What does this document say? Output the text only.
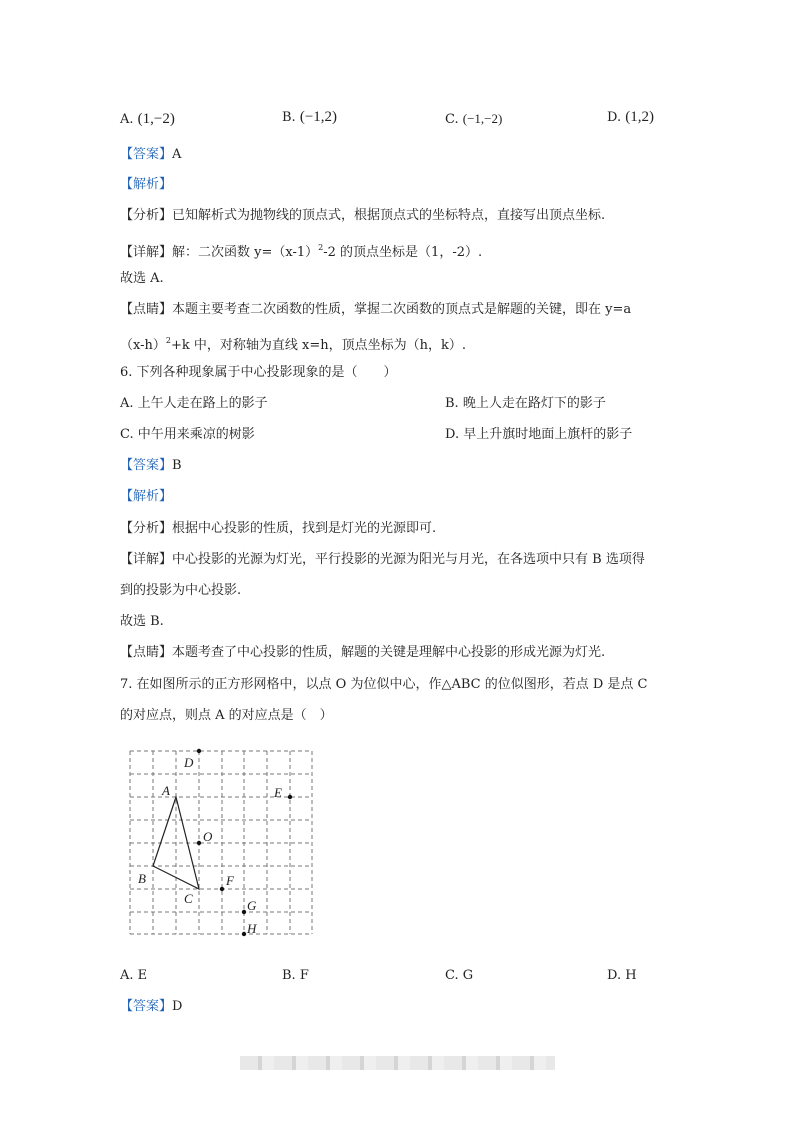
A. (1,−2)	B. (−1,2)	C. (−1,−2)	D. (1,2)
【答案】A
【解析】
【分析】已知解析式为抛物线的顶点式，根据顶点式的坐标特点，直接写出顶点坐标.
【详解】解：二次函数 $y=(x-1)^2-2$ 的顶点坐标是（1，-2）.
故选 A.
【点睛】本题主要考查二次函数的性质，掌握二次函数的顶点式是解题的关键，即在 y=a
$(x-h)^2+k$ 中，对称轴为直线 x=h，顶点坐标为（h，k）.
6. 下列各种现象属于中心投影现象的是（　　）
A. 上午人走在路上的影子	B. 晚上人走在路灯下的影子
C. 中午用来乘凉的树影	D. 早上升旗时地面上旗杆的影子
【答案】B
【解析】
【分析】根据中心投影的性质，找到是灯光的光源即可.
【详解】中心投影的光源为灯光，平行投影的光源为阳光与月光，在各选项中只有 B 选项得
到的投影为中心投影.
故选 B.
【点睛】本题考查了中心投影的性质，解题的关键是理解中心投影的形成光源为灯光.
7. 在如图所示的正方形网格中，以点 O 为位似中心，作△ABC 的位似图形，若点 D 是点 C
的对应点，则点 A 的对应点是（　）
D
A	E
O
B
C
F
G
H
A. E	B. F	C. G	D. H
【答案】D
